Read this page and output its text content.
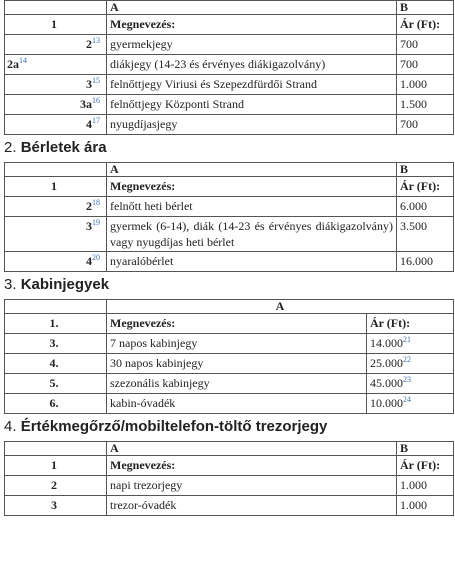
	A	B
1	Megnevezés:	Ár (Ft):
$2^{13}$	gyermekjegy	700
$2a^{14}$	diákjegy (14-23 és érvényes diákigazolvány)	700
$3^{15}$	felnőttjegy Viriusi és Szepezdfürdői Strand	1.000
$3a^{16}$	felnőttjegy Központi Strand	1.500
$4^{17}$	nyugdíjasjegy	700
2. Bérletek ára
	A	B
1	Megnevezés:	Ár (Ft):
$2^{18}$	felnőtt heti bérlet	6.000
$3^{19}$	gyermek (6-14), diák (14-23 és érvényes diákigazolvány) vagy nyugdíjas heti bérlet	3.500
$4^{20}$	nyaralóbérlet	16.000
3. Kabinjegyek
	A	
1.	Megnevezés:	Ár (Ft):
3.	7 napos kabinjegy	14.000$^{21}$
4.	30 napos kabinjegy	25.000$^{22}$
5.	szezonális kabinjegy	45.000$^{23}$
6.	kabin-óvadék	10.000$^{24}$
4. Értékmegőrző/mobiltelefon-töltő trezorjegy
	A	B
1	Megnevezés:	Ár (Ft):
2	napi trezorjegy	1.000
3	trezor-óvadék	1.000
